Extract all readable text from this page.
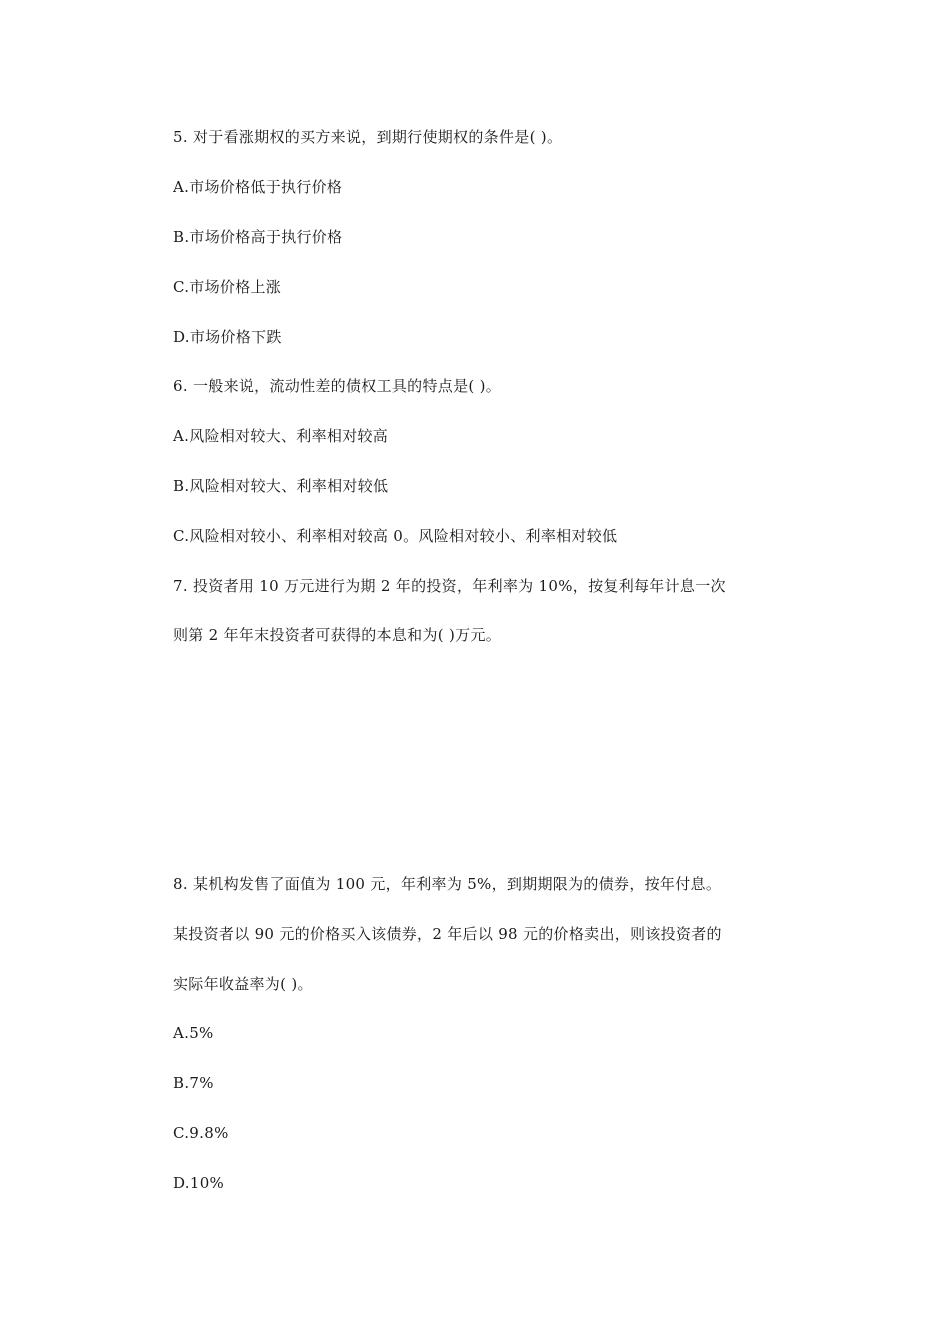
5. 对于看涨期权的买方来说，到期行使期权的条件是( )。
A.市场价格低于执行价格
B.市场价格高于执行价格
C.市场价格上涨
D.市场价格下跌
6. 一般来说，流动性差的债权工具的特点是( )。
A.风险相对较大、利率相对较高
B.风险相对较大、利率相对较低
C.风险相对较小、利率相对较高 0。风险相对较小、利率相对较低
7. 投资者用 10 万元进行为期 2 年的投资，年利率为 10%，按复利每年计息一次
则第 2 年年末投资者可获得的本息和为( )万元。
8. 某机构发售了面值为 100 元，年利率为 5%，到期期限为的债券，按年付息。
某投资者以 90 元的价格买入该债券，2 年后以 98 元的价格卖出，则该投资者的
实际年收益率为( )。
A.5%
B.7%
C.9.8%
D.10%
